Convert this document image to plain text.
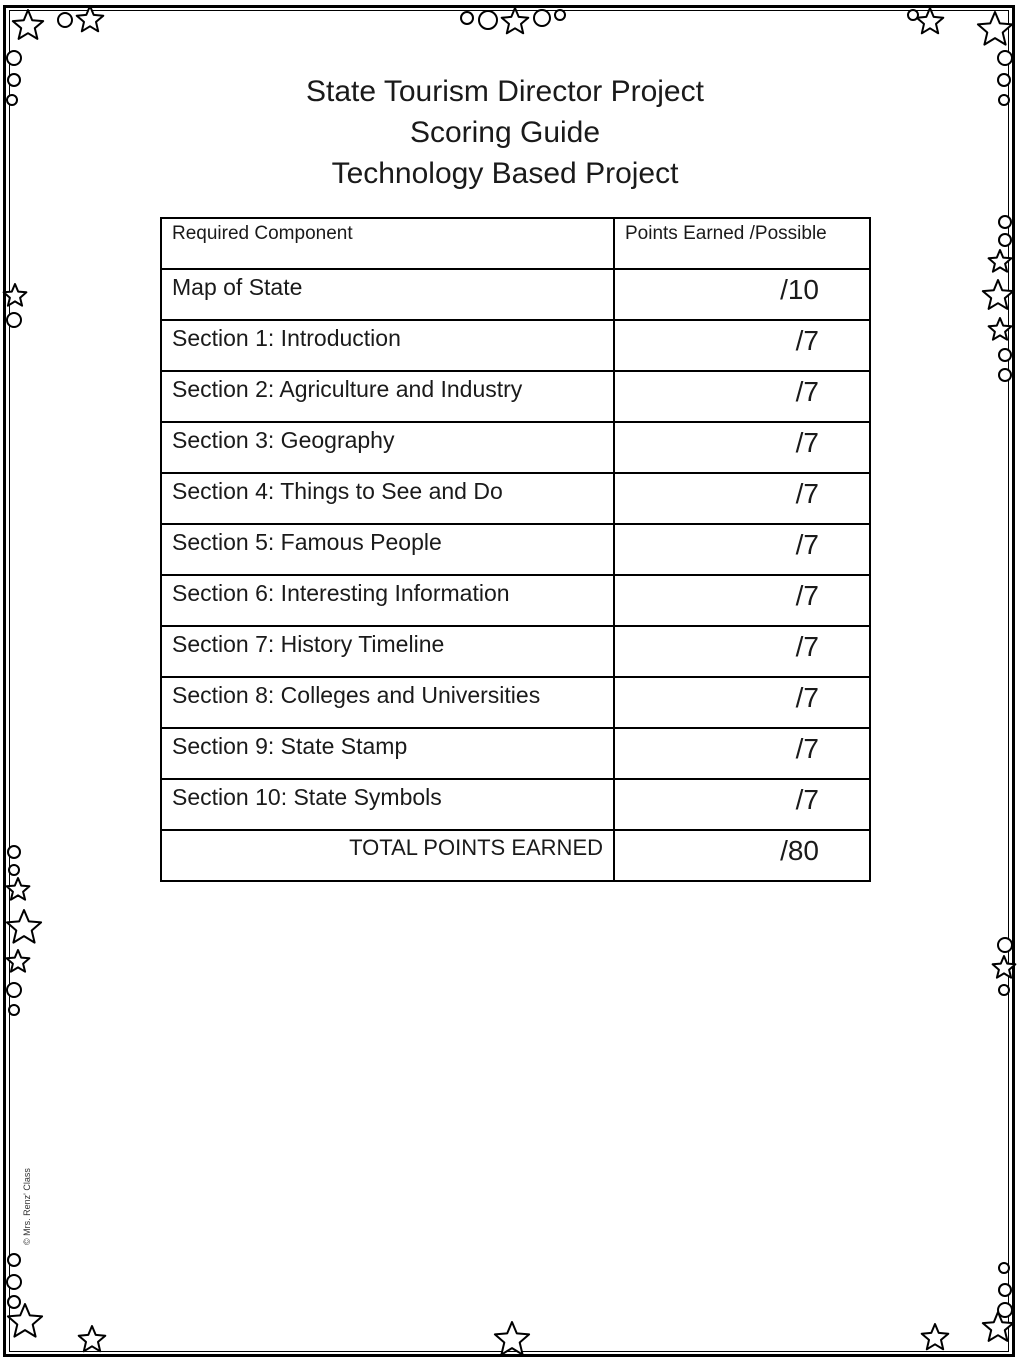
State Tourism Director Project
Scoring Guide
Technology Based Project
Required Component	Points Earned /Possible
Map of State	/10

Section 1: Introduction	/7

Section 2: Agriculture and Industry	/7

Section 3: Geography	/7

Section 4: Things to See and Do	/7

Section 5: Famous People	/7

Section 6: Interesting Information	/7

Section 7: History Timeline	/7

Section 8: Colleges and Universities	/7

Section 9: State Stamp	/7

Section 10: State Symbols	/7

TOTAL POINTS EARNED	/80
© Mrs. Renz' Class
